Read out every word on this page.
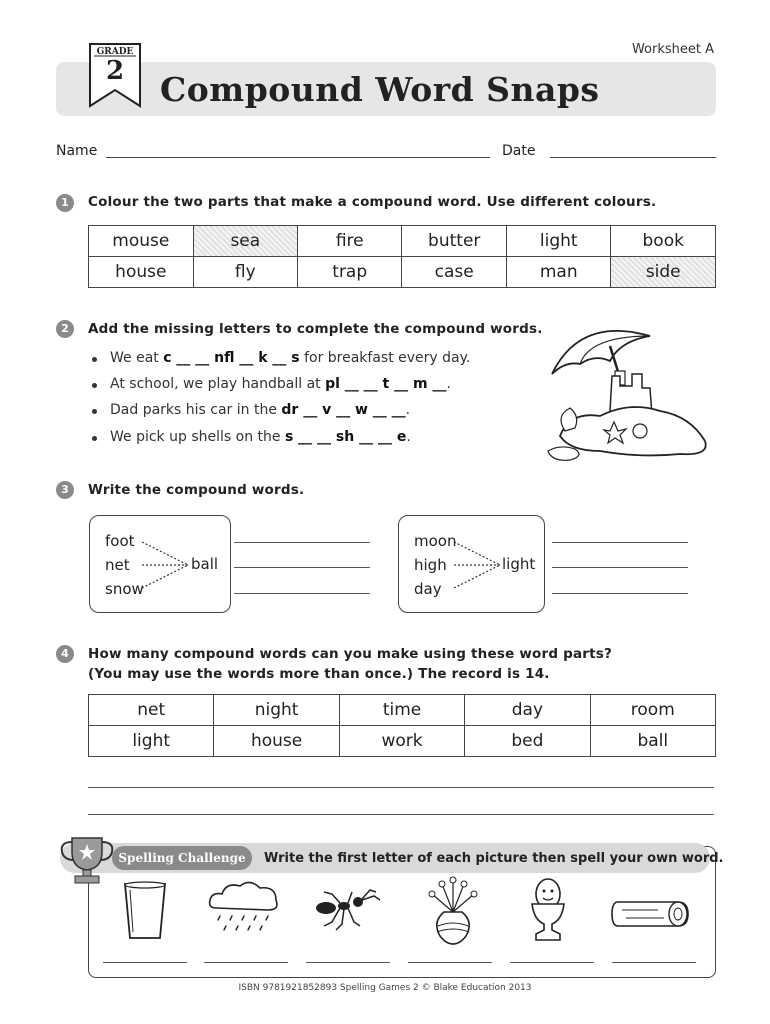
Worksheet A
GRADE
2	Compound Word Snaps
Name	Date
1	Colour the two parts that make a compound word. Use different colours.
mouse	sea	fire	butter	light	book
house	fly	trap	case	man	side
2	Add the missing letters to complete the compound words.
We eat c __ __ nfl __ k __ s for breakfast every day.
At school, we play handball at pl __ __ t __ m __.
Dad parks his car in the dr __ v __ w __ __.
We pick up shells on the s __ __ sh __ __ e.
3	Write the compound words.
foot
net
snow
ball
moon
high
day
light
4	How many compound words can you make using these word parts?
(You may use the words more than once.) The record is 14.
net	night	time	day	room
light	house	work	bed	ball
Spelling Challenge	Write the first letter of each picture then spell your own word.
ISBN 9781921852893 Spelling Games 2 © Blake Education 2013
